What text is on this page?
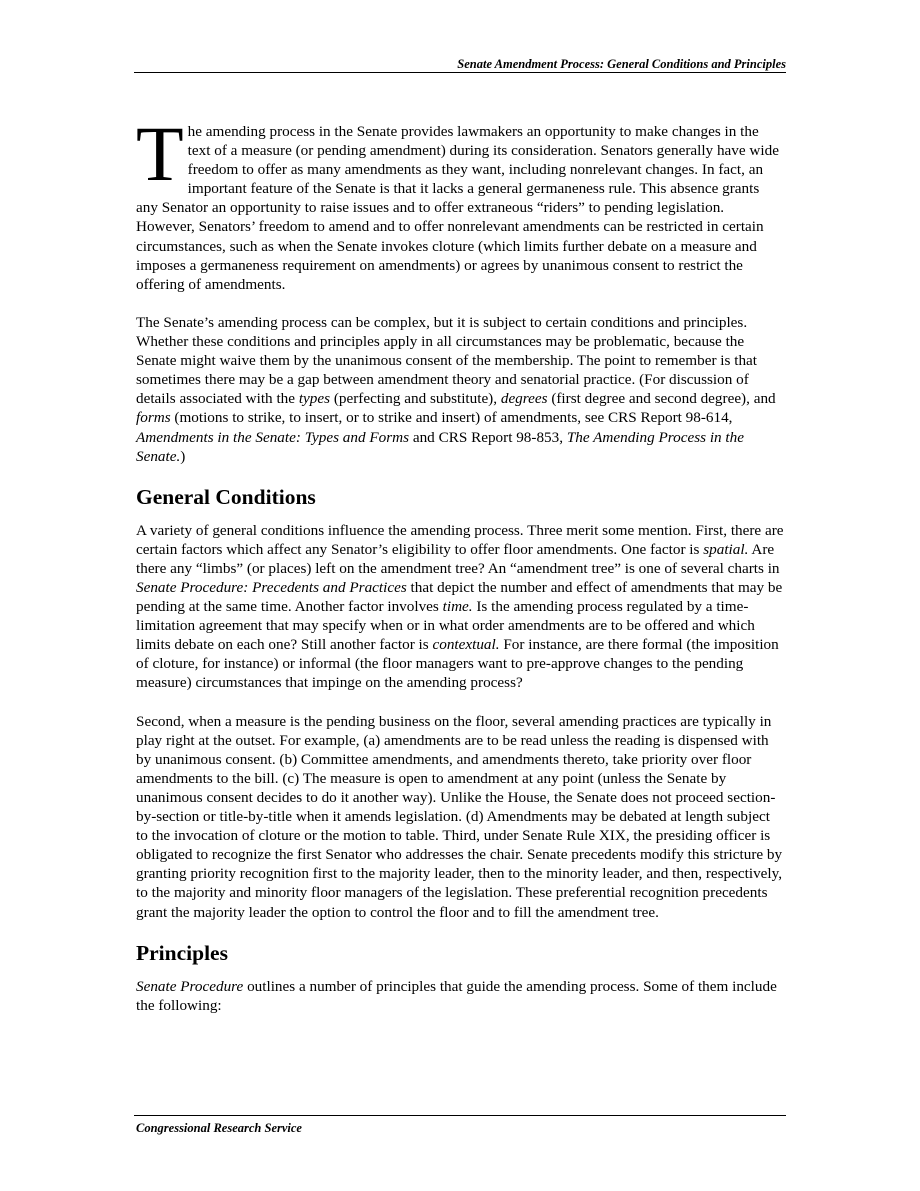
Senate Amendment Process: General Conditions and Principles

The amending process in the Senate provides lawmakers an opportunity to make changes in the text of a measure (or pending amendment) during its consideration. Senators generally have wide freedom to offer as many amendments as they want, including nonrelevant changes. In fact, an important feature of the Senate is that it lacks a general germaneness rule. This absence grants any Senator an opportunity to raise issues and to offer extraneous “riders” to pending legislation. However, Senators’ freedom to amend and to offer nonrelevant amendments can be restricted in certain circumstances, such as when the Senate invokes cloture (which limits further debate on a measure and imposes a germaneness requirement on amendments) or agrees by unanimous consent to restrict the offering of amendments.

The Senate’s amending process can be complex, but it is subject to certain conditions and principles. Whether these conditions and principles apply in all circumstances may be problematic, because the Senate might waive them by the unanimous consent of the membership. The point to remember is that sometimes there may be a gap between amendment theory and senatorial practice. (For discussion of details associated with the types (perfecting and substitute), degrees (first degree and second degree), and forms (motions to strike, to insert, or to strike and insert) of amendments, see CRS Report 98-614, Amendments in the Senate: Types and Forms and CRS Report 98-853, The Amending Process in the Senate.)

General Conditions

A variety of general conditions influence the amending process. Three merit some mention. First, there are certain factors which affect any Senator’s eligibility to offer floor amendments. One factor is spatial. Are there any “limbs” (or places) left on the amendment tree? An “amendment tree” is one of several charts in Senate Procedure: Precedents and Practices that depict the number and effect of amendments that may be pending at the same time. Another factor involves time. Is the amending process regulated by a time-limitation agreement that may specify when or in what order amendments are to be offered and which limits debate on each one? Still another factor is contextual. For instance, are there formal (the imposition of cloture, for instance) or informal (the floor managers want to pre-approve changes to the pending measure) circumstances that impinge on the amending process?

Second, when a measure is the pending business on the floor, several amending practices are typically in play right at the outset. For example, (a) amendments are to be read unless the reading is dispensed with by unanimous consent. (b) Committee amendments, and amendments thereto, take priority over floor amendments to the bill. (c) The measure is open to amendment at any point (unless the Senate by unanimous consent decides to do it another way). Unlike the House, the Senate does not proceed section-by-section or title-by-title when it amends legislation. (d) Amendments may be debated at length subject to the invocation of cloture or the motion to table. Third, under Senate Rule XIX, the presiding officer is obligated to recognize the first Senator who addresses the chair. Senate precedents modify this stricture by granting priority recognition first to the majority leader, then to the minority leader, and then, respectively, to the majority and minority floor managers of the legislation. These preferential recognition precedents grant the majority leader the option to control the floor and to fill the amendment tree.

Principles

Senate Procedure outlines a number of principles that guide the amending process. Some of them include the following:

Congressional Research Service
